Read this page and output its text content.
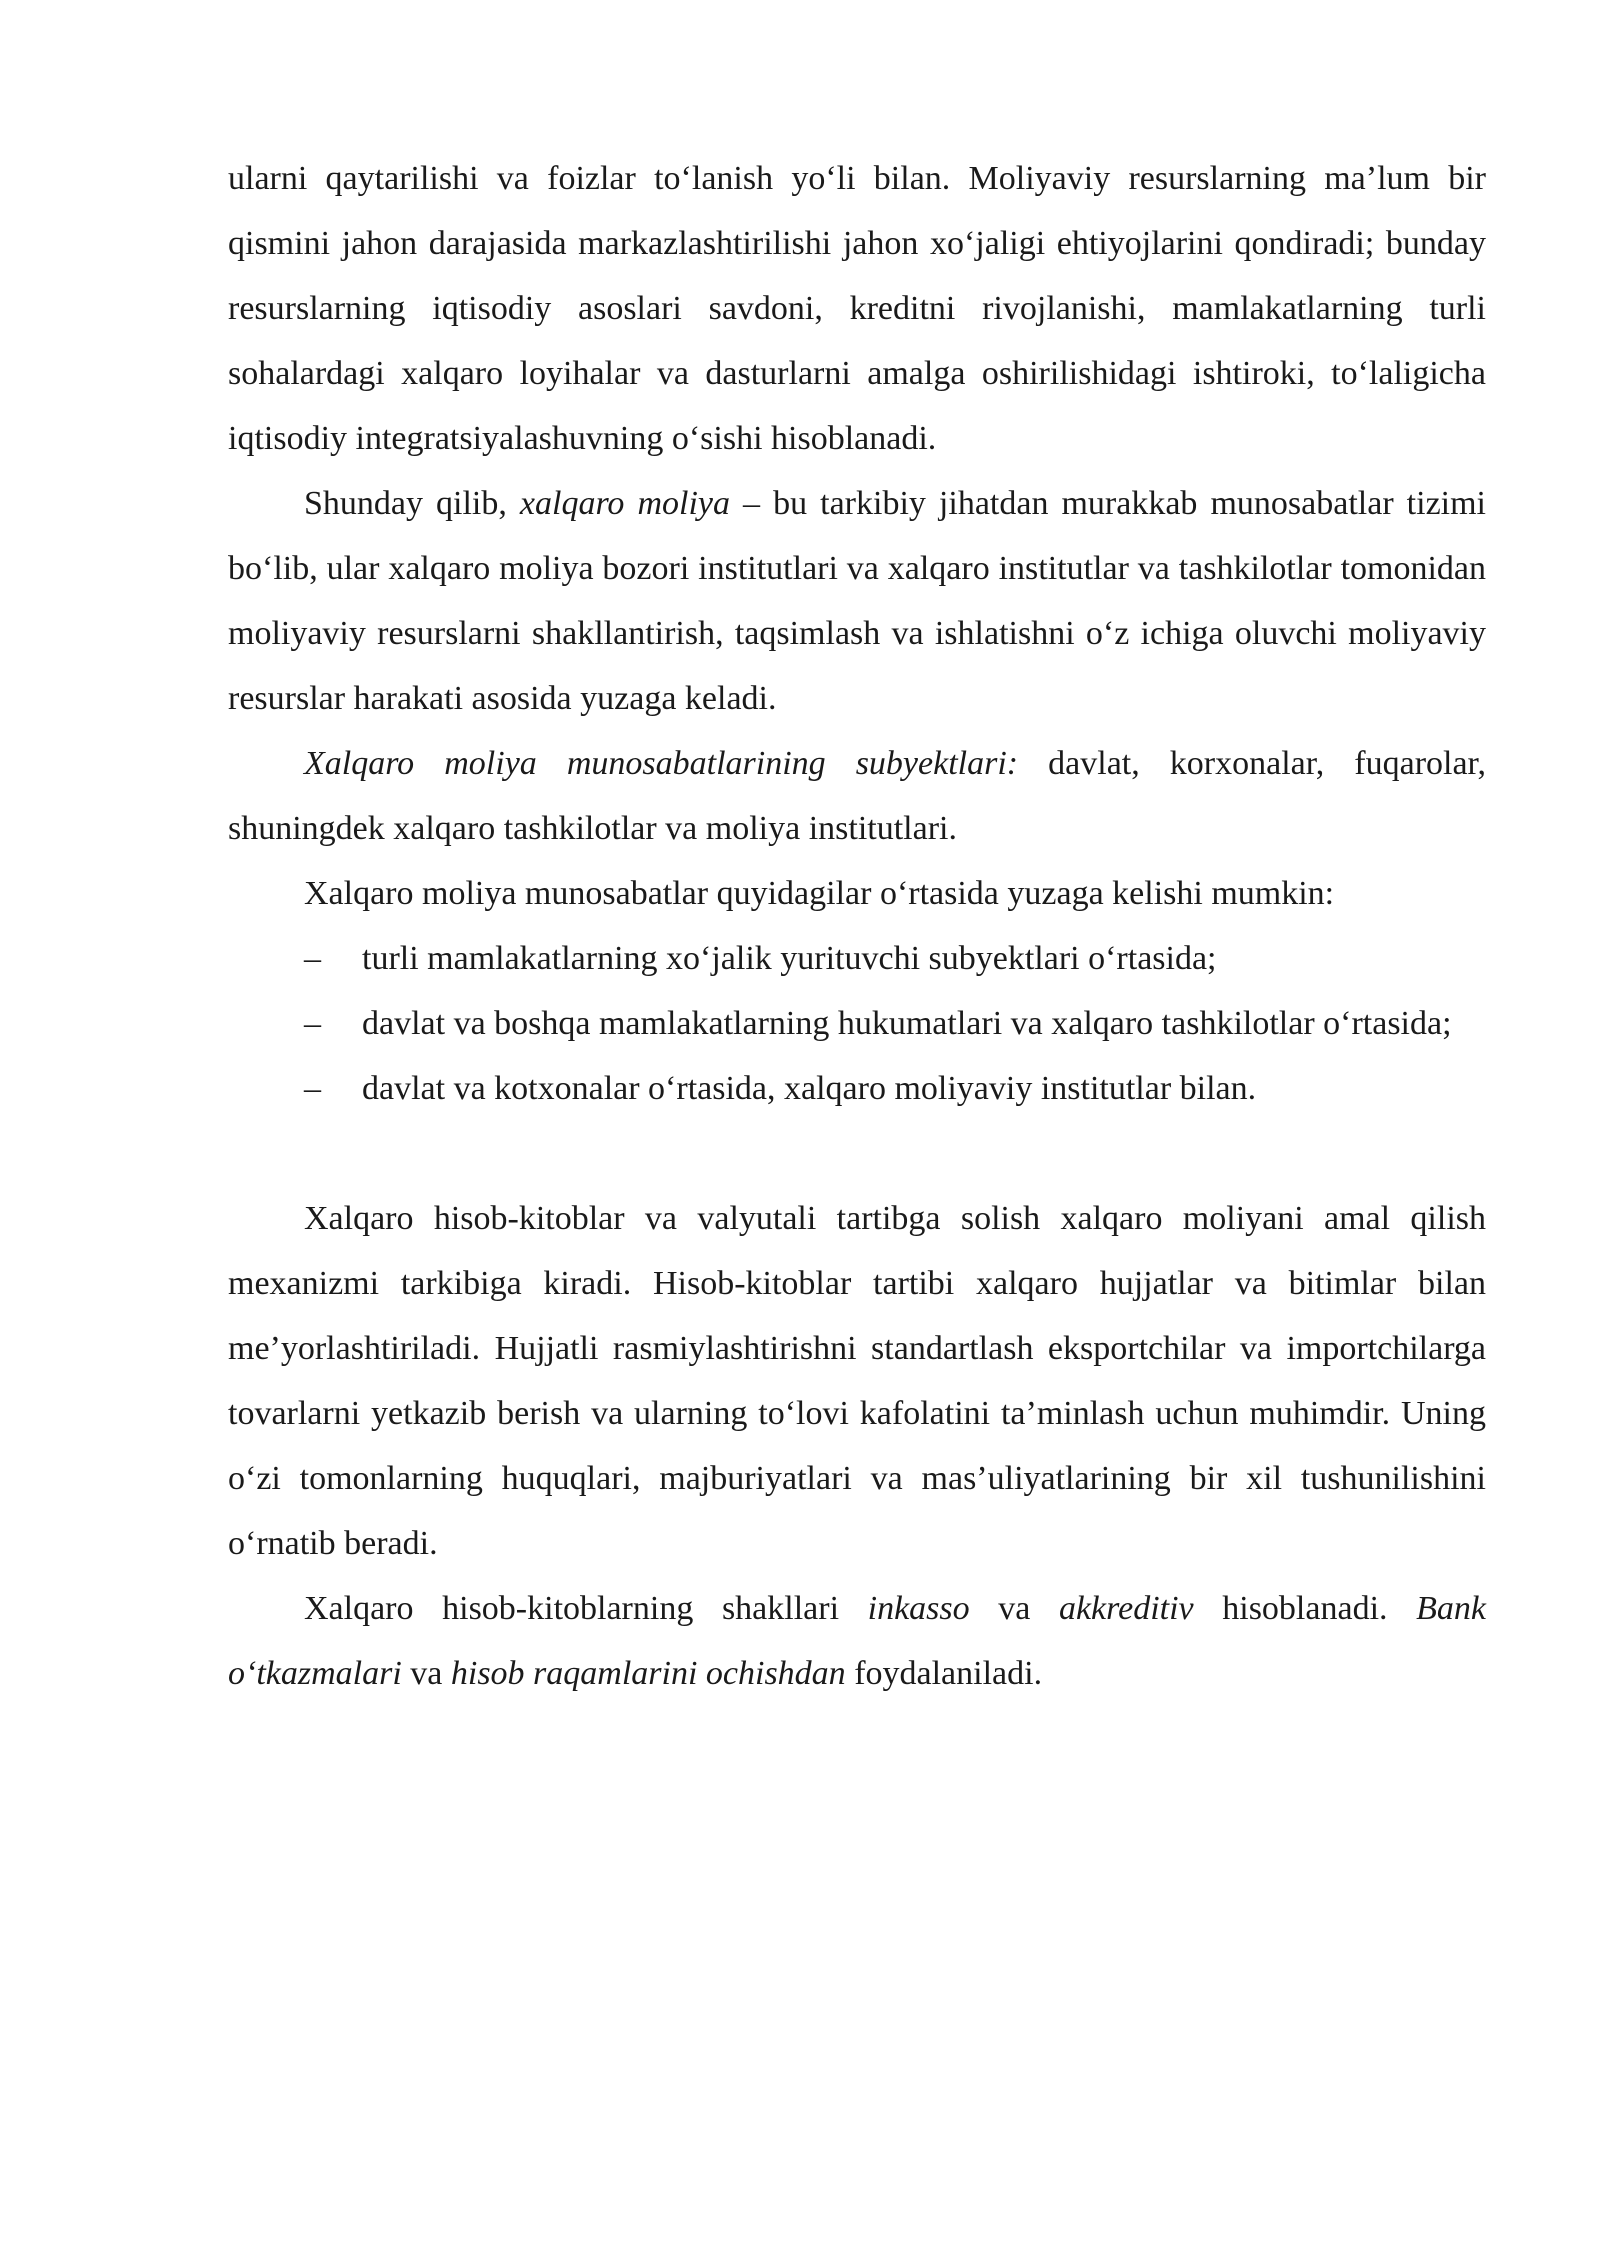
ularni qaytarilishi va foizlar to‘lanish yo‘li bilan. Moliyaviy resurslarning ma’lum bir qismini jahon darajasida markazlashtirilishi jahon xo‘jaligi ehtiyojlarini qondiradi; bunday resurslarning iqtisodiy asoslari savdoni, kreditni rivojlanishi, mamlakatlarning turli sohalardagi xalqaro loyihalar va dasturlarni amalga oshirilishidagi ishtiroki, to‘laligicha iqtisodiy integratsiyalashuvning o‘sishi hisoblanadi.

Shunday qilib, xalqaro moliya – bu tarkibiy jihatdan murakkab munosabatlar tizimi bo‘lib, ular xalqaro moliya bozori institutlari va xalqaro institutlar va tashkilotlar tomonidan moliyaviy resurslarni shakllantirish, taqsimlash va ishlatishni o‘z ichiga oluvchi moliyaviy resurslar harakati asosida yuzaga keladi.

Xalqaro moliya munosabatlarining subyektlari: davlat, korxonalar, fuqarolar, shuningdek xalqaro tashkilotlar va moliya institutlari.

Xalqaro moliya munosabatlar quyidagilar o‘rtasida yuzaga kelishi mumkin:

– turli mamlakatlarning xo‘jalik yurituvchi subyektlari o‘rtasida;

– davlat va boshqa mamlakatlarning hukumatlari va xalqaro tashkilotlar o‘rtasida;

– davlat va kotxonalar o‘rtasida, xalqaro moliyaviy institutlar bilan.

Xalqaro hisob-kitoblar va valyutali tartibga solish xalqaro moliyani amal qilish mexanizmi tarkibiga kiradi. Hisob-kitoblar tartibi xalqaro hujjatlar va bitimlar bilan me’yorlashtiriladi. Hujjatli rasmiylashtirishni standartlash eksportchilar va importchilarga tovarlarni yetkazib berish va ularning to‘lovi kafolatini ta’minlash uchun muhimdir. Uning o‘zi tomonlarning huquqlari, majburiyatlari va mas’uliyatlarining bir xil tushunilishini o‘rnatib beradi.

Xalqaro hisob-kitoblarning shakllari inkasso va akkreditiv hisoblanadi. Bank o‘tkazmalari va hisob raqamlarini ochishdan foydalaniladi.
